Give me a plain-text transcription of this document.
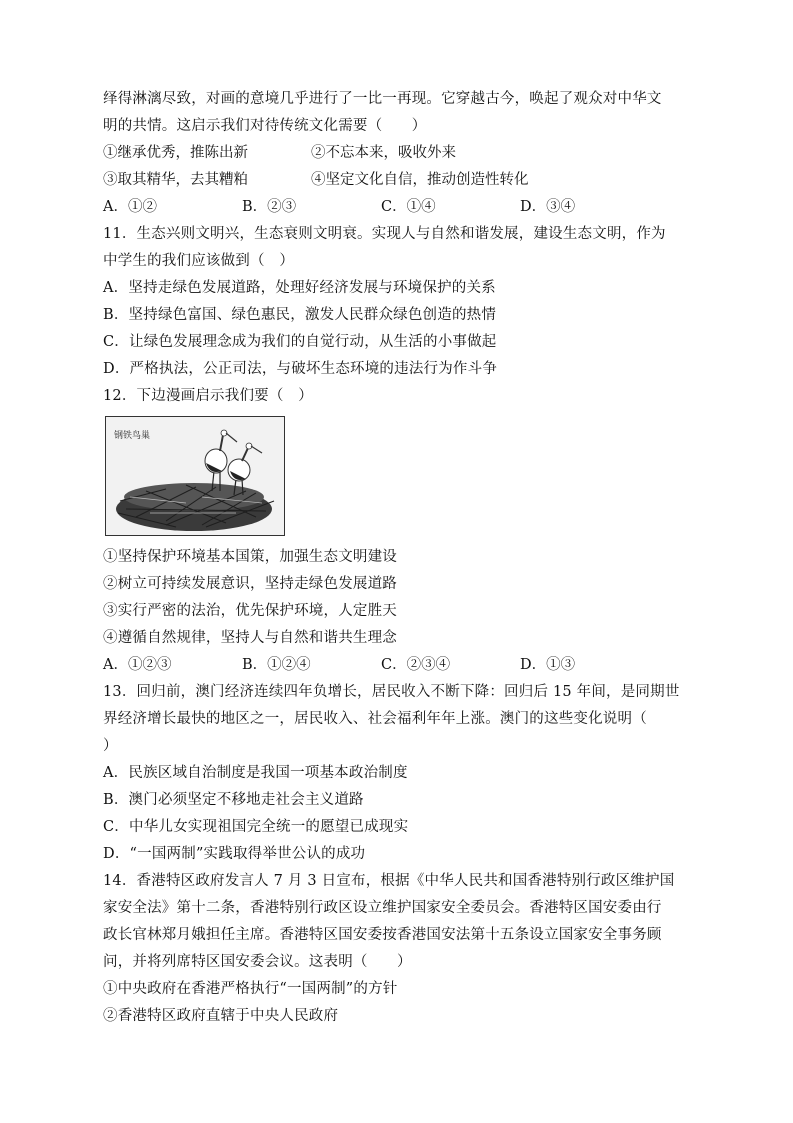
绎得淋漓尽致，对画的意境几乎进行了一比一再现。它穿越古今，唤起了观众对中华文
明的共情。这启示我们对待传统文化需要（　　）
①继承优秀，推陈出新	②不忘本来，吸收外来
③取其精华，去其糟粕	④坚定文化自信，推动创造性转化
A．①②	B．②③	C．①④	D．③④
11．生态兴则文明兴，生态衰则文明衰。实现人与自然和谐发展，建设生态文明，作为
中学生的我们应该做到（　）
A．坚持走绿色发展道路，处理好经济发展与环境保护的关系
B．坚持绿色富国、绿色惠民，激发人民群众绿色创造的热情
C．让绿色发展理念成为我们的自觉行动，从生活的小事做起
D．严格执法，公正司法，与破坏生态环境的违法行为作斗争
12．下边漫画启示我们要（　）
钢铁鸟巢
①坚持保护环境基本国策，加强生态文明建设
②树立可持续发展意识，坚持走绿色发展道路
③实行严密的法治，优先保护环境，人定胜天
④遵循自然规律，坚持人与自然和谐共生理念
A．①②③	B．①②④	C．②③④	D．①③
13．回归前，澳门经济连续四年负增长，居民收入不断下降：回归后 15 年间，是同期世
界经济增长最快的地区之一，居民收入、社会福利年年上涨。澳门的这些变化说明（
）
A．民族区域自治制度是我国一项基本政治制度
B．澳门必须坚定不移地走社会主义道路
C．中华儿女实现祖国完全统一的愿望已成现实
D．“一国两制”实践取得举世公认的成功
14．香港特区政府发言人 7 月 3 日宣布，根据《中华人民共和国香港特别行政区维护国
家安全法》第十二条，香港特别行政区设立维护国家安全委员会。香港特区国安委由行
政长官林郑月娥担任主席。香港特区国安委按香港国安法第十五条设立国家安全事务顾
问，并将列席特区国安委会议。这表明（　　）
①中央政府在香港严格执行“一国两制”的方针
②香港特区政府直辖于中央人民政府
